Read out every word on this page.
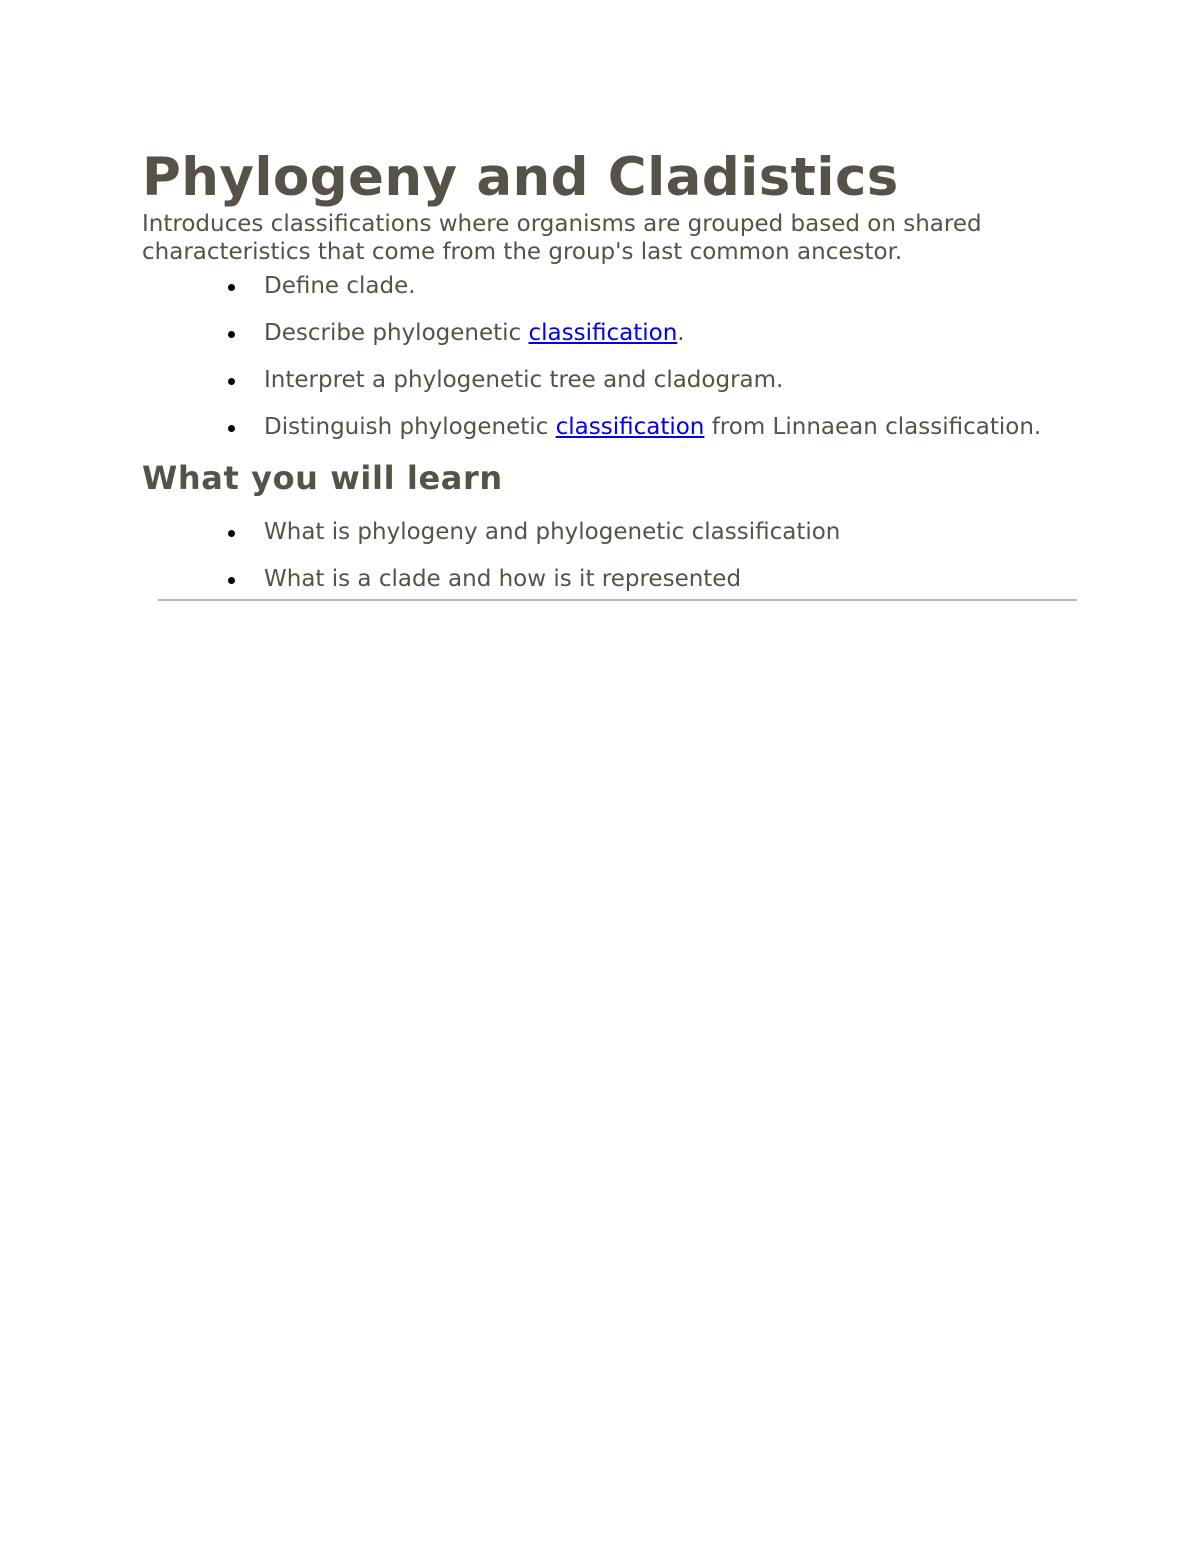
Phylogeny and Cladistics

Introduces classifications where organisms are grouped based on shared characteristics that come from the group's last common ancestor.

Define clade.
Describe phylogenetic classification.
Interpret a phylogenetic tree and cladogram.
Distinguish phylogenetic classification from Linnaean classification.
What you will learn
What is phylogeny and phylogenetic classification
What is a clade and how is it represented
